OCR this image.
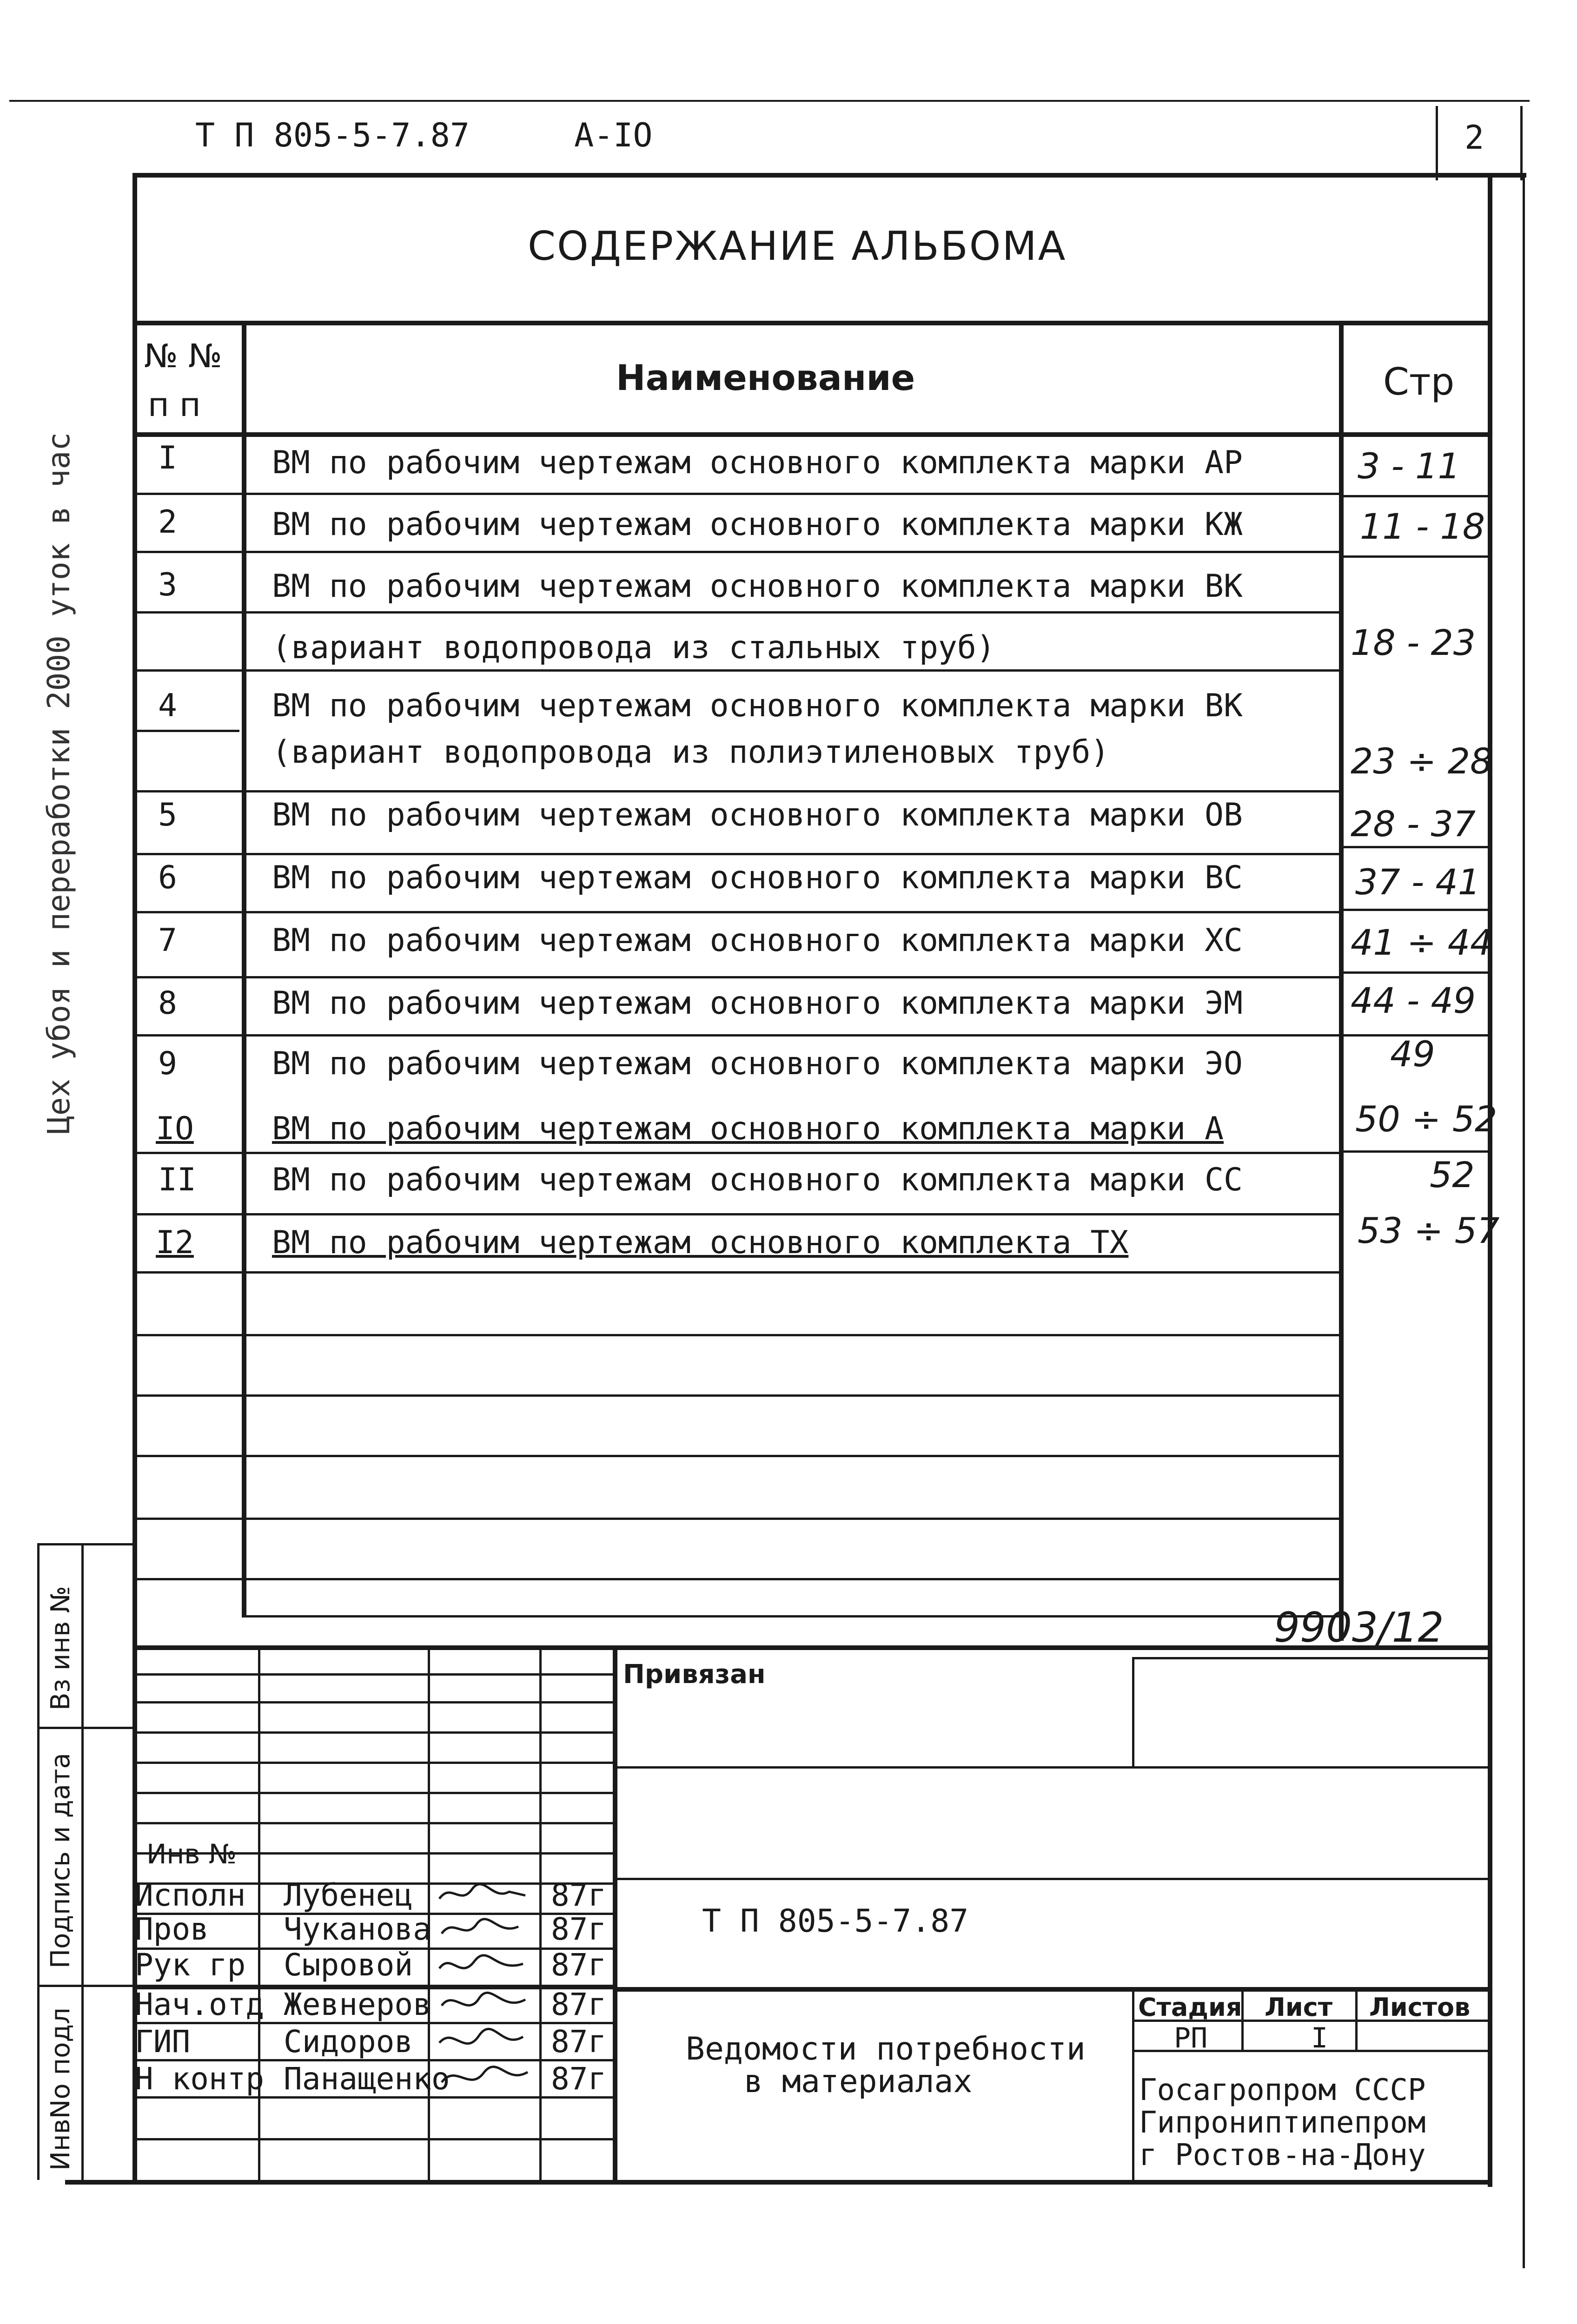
Т П 805-5-7.87	А-IО	2
Цех убоя и переработки 2000 уток в час
СОДЕРЖАНИЕ АЛЬБОМА
№ №
п п
Наименование	Стр
I	ВМ по рабочим чертежам основного комплекта марки АР	3 - 11
2	ВМ по рабочим чертежам основного комплекта марки КЖ	11 - 18
3	ВМ по рабочим чертежам основного комплекта марки ВК
(вариант водопровода из стальных труб)	18 - 23
4	ВМ по рабочим чертежам основного комплекта марки ВК
(вариант водопровода из полиэтиленовых труб)	23 ÷ 28
5	ВМ по рабочим чертежам основного комплекта марки ОВ	28 - 37
6	ВМ по рабочим чертежам основного комплекта марки ВС	37 - 41
7	ВМ по рабочим чертежам основного комплекта марки ХС	41 ÷ 44
8	ВМ по рабочим чертежам основного комплекта марки ЭМ	44 - 49
9	ВМ по рабочим чертежам основного комплекта марки ЭО	49
IО ВМ по рабочим чертежам основного комплекта марки А	50 ÷ 52
II ВМ по рабочим чертежам основного комплекта марки СС	52
I2 ВМ по рабочим чертежам основного комплекта ТХ	53 ÷ 57
9903/12
Вз инв №
Подпись и дата
ИнвNo подл
Привязан
Инв №
Исполн Лубенец	87г
Пров Чуканова	87г
Рук гр Сыровой	87г
Нач.отд Жевнеров	87г
ГИП	Сидоров	87г
Н контр Панащенко	87г
Т П 805-5-7.87
Ведомости потребности
в материалах
Стадия Лист Листов
РП	I
Госагропром СССР
Гипрониптипепром
г Ростов-на-Дону
